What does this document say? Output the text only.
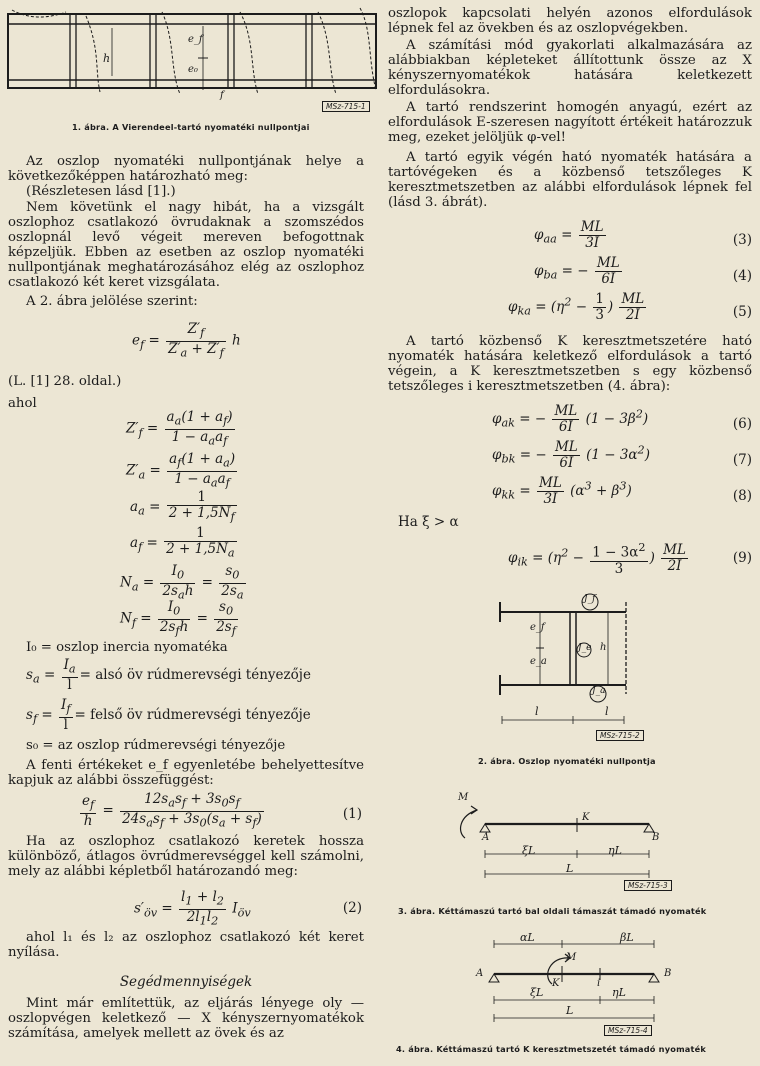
h
e₀
e_f
f
MSz-715-1
1. ábra. A Vierendeel-tartó nyomatéki nullpontjai

Az oszlop nyomatéki nullpontjának helye a következőképpen határozható meg:

(Részletesen lásd [1].)

Nem követünk el nagy hibát, ha a vizsgált oszlophoz csatlakozó övrudaknak a szomszédos oszlopnál levő végeit mereven befogottnak képzeljük. Ebben az esetben az oszlop nyomatéki nullpontjának meghatározásához elég az oszlophoz csatlakozó két keret vizsgálata.

A 2. ábra jelölése szerint:

$e_f = \frac{Z'_f}{Z'_a + Z'_f}$ h

(L. [1] 28. oldal.)

ahol

$Z'_f = \frac{a_a(1 + a_f)}{1 - a_aa_f}$
$Z'_a = \frac{a_f(1 + a_a)}{1 - a_aa_f}$
$a_a = \frac{1}{2 + 1,5N_f}$
$a_f = \frac{1}{2 + 1,5N_a}$
$N_a = \frac{I_0}{2s_ah} = \frac{s_0}{2s_a}$
$N_f = \frac{I_0}{2s_fh} = \frac{s_0}{2s_f}$

I₀ = oszlop inercia nyomatéka

$s_a = \frac{I_a}{l}$ = alsó öv rúdmerevségi tényezője
$s_f = \frac{I_f}{l}$ = felső öv rúdmerevségi tényezője

s₀ = az oszlop rúdmerevségi tényezője

A fenti értékeket e_f egyenletébe behelyettesítve kapjuk az alábbi összefüggést:

$\frac{e_f}{h} = \frac{12s_as_f + 3s_0s_f}{24s_as_f + 3s_0(s_a + s_f)}$	(1)

Ha az oszlophoz csatlakozó keretek hossza különböző, átlagos övrúdmerevséggel kell számolni, mely az alábbi képletből határozandó meg:

$s'_{öv} = \frac{l_1 + l_2}{2l_1l_2} I_{öv}$	(2)

ahol l₁ és l₂ az oszlophoz csatlakozó két keret nyílása.

Segédmennyiségek

Mint már említettük, az eljárás lényege oly — oszlopvégen keletkező — X kényszernyomatékok számítása, amelyek mellett az övek és az

oszlopok kapcsolati helyén azonos elfordulások lépnek fel az övekben és az oszlopvégekben.

A számítási mód gyakorlati alkalmazására az alábbiakban képleteket állítottunk össze az X kényszernyomatékok hatására keletkezett elfordulásokra.

A tartó rendszerint homogén anyagú, ezért az elfordulások E-szeresen nagyított értékeit határozzuk meg, ezeket jelöljük φ-vel!

A tartó egyik végén ható nyomaték hatására a tartóvégeken és a közbenső tetszőleges K keresztmetszetben az alábbi elfordulások lépnek fel (lásd 3. ábrát).

$\varphi_{aa} = \frac{ML}{3I}$	(3)
$\varphi_{ba}$ = − $\frac{ML}{6I}$	(4)
$\varphi_{ka} = (\eta^2 - \frac{1}{3}$ ) $\frac{ML}{2I}$	(5)

A tartó közbenső K keresztmetszetére ható nyomaték hatására keletkező elfordulások a tartó végein, a K keresztmetszetben s egy közbenső tetszőleges i keresztmetszetben (4. ábra):

$\varphi_{ak}$ = − $\frac{ML}{6I} (1 - 3\beta^2)$	(6)
$\varphi_{bk}$ = − $\frac{ML}{6I} (1 - 3\alpha^2)$	(7)
$\varphi_{kk} = \frac{ML}{3I} (\alpha^3 + \beta^3)$	(8)
Ha ξ > α
$\varphi_{ik} = (\eta^2 - \frac{1 - 3\alpha^2}{3}$ ) $\frac{ML}{2I}$	(9)
J_f
J_e
J_a
e_f
e_a
h
l	l
MSz-715-2
2. ábra. Oszlop nyomatéki nullpontja
M
A	B
K
ξL	ηL
L
MSz-715-3
3. ábra. Kéttámaszú tartó bal oldali támaszát támadó nyomaték
αL	βL
M
A	B
K	i
ξL	ηL
L
MSz-715-4
4. ábra. Kéttámaszú tartó K keresztmetszetét támadó nyomaték
